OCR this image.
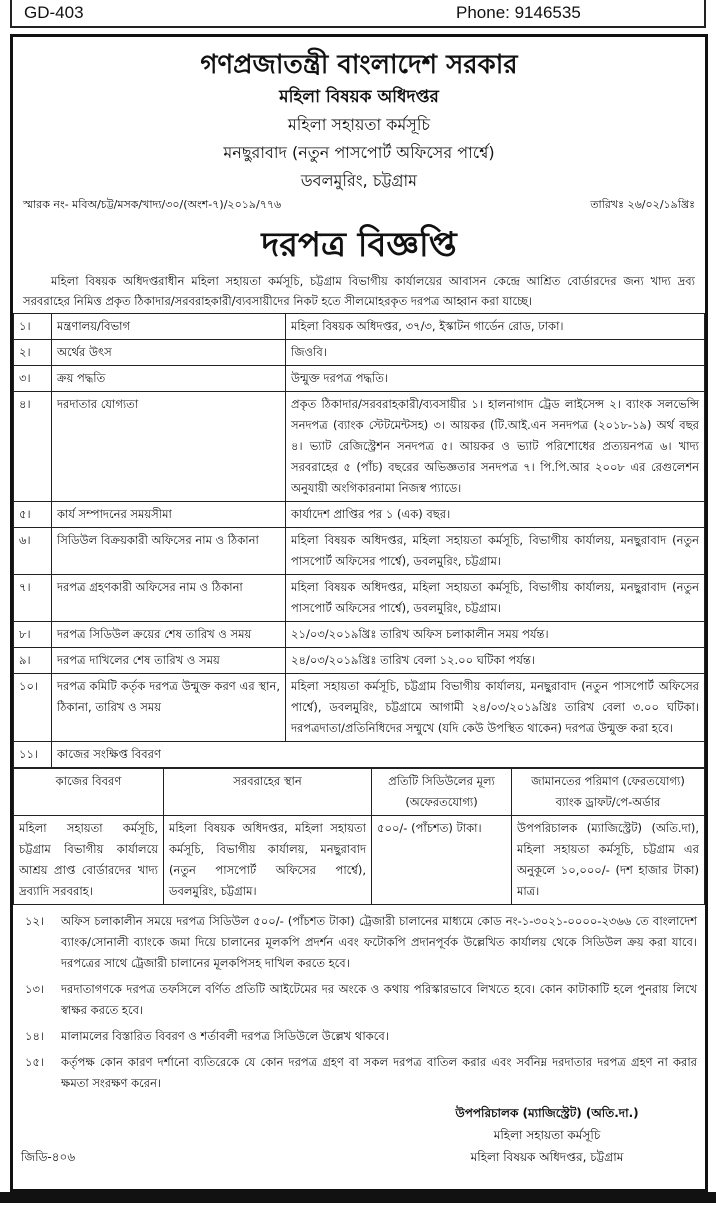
GD-403	Phone: 9146535
গণপ্রজাতন্ত্রী বাংলাদেশ সরকার
মহিলা বিষয়ক অধিদপ্তর
মহিলা সহায়তা কর্মসূচি
মনছুরাবাদ (নতুন পাসপোর্ট অফিসের পার্শ্বে)
ডবলমুরিং, চট্টগ্রাম
স্মারক নং- মবিঅ/চট্ট/মসক/খাদ্য/৩০/(অংশ-৭)/২০১৯/৭৭৬	তারিখঃ ২৬/০২/১৯খ্রিঃ
দরপত্র বিজ্ঞপ্তি
মহিলা বিষয়ক অধিদপ্তরাধীন মহিলা সহায়তা কর্মসূচি, চট্টগ্রাম বিভাগীয় কার্যালয়ের আবাসন কেন্দ্রে আশ্রিত বোর্ডারদের জন্য খাদ্য দ্রব্য সরবরাহের নিমিত্ত প্রকৃত ঠিকাদার/সরবরাহকারী/ব্যবসায়ীদের নিকট হতে সীলমোহরকৃত দরপত্র আহ্বান করা যাচ্ছে।
১।	মন্ত্রণালয়/বিভাগ	মহিলা বিষয়ক অধিদপ্তর, ৩৭/৩, ইস্কাটন গার্ডেন রোড, ঢাকা।
২।	অর্থের উৎস	জিওবি।
৩।	ক্রয় পদ্ধতি	উন্মুক্ত দরপত্র পদ্ধতি।
৪।	দরদাতার যোগ্যতা	প্রকৃত ঠিকাদার/সরবরাহকারী/ব্যবসায়ীর ১। হালনাগাদ ট্রেড লাইসেন্স ২। ব্যাংক সলভেন্সি সনদপত্র (ব্যাংক স্টেটমেন্টসহ) ৩। আয়কর (টি.আই.এন সনদপত্র (২০১৮-১৯) অর্থ বছর ৪। ভ্যাট রেজিস্ট্রেশন সনদপত্র ৫। আয়কর ও ভ্যাট পরিশোধের প্রত্যয়নপত্র ৬। খাদ্য সরবরাহের ৫ (পাঁচ) বছরের অভিজ্ঞতার সনদপত্র ৭। পি.পি.আর ২০০৮ এর রেগুলেশন অনুযায়ী অংগিকারনামা নিজস্ব প্যাডে।
৫।	কার্য সম্পাদনের সময়সীমা	কার্যাদেশ প্রাপ্তির পর ১ (এক) বছর।
৬।	সিডিউল বিক্রয়কারী অফিসের নাম ও ঠিকানা	মহিলা বিষয়ক অধিদপ্তর, মহিলা সহায়তা কর্মসূচি, বিভাগীয় কার্যালয়, মনছুরাবাদ (নতুন পাসপোর্ট অফিসের পার্শ্বে), ডবলমুরিং, চট্টগ্রাম।
৭।	দরপত্র গ্রহণকারী অফিসের নাম ও ঠিকানা	মহিলা বিষয়ক অধিদপ্তর, মহিলা সহায়তা কর্মসূচি, বিভাগীয় কার্যালয়, মনছুরাবাদ (নতুন পাসপোর্ট অফিসের পার্শ্বে), ডবলমুরিং, চট্টগ্রাম।
৮।	দরপত্র সিডিউল ক্রয়ের শেষ তারিখ ও সময়	২১/০৩/২০১৯খ্রিঃ তারিখ অফিস চলাকালীন সময় পর্যন্ত।
৯।	দরপত্র দাখিলের শেষ তারিখ ও সময়	২৪/০৩/২০১৯খ্রিঃ তারিখ বেলা ১২.০০ ঘটিকা পর্যন্ত।
১০।	দরপত্র কমিটি কর্তৃক দরপত্র উন্মুক্ত করণ এর স্থান, ঠিকানা, তারিখ ও সময়	মহিলা সহায়তা কর্মসূচি, চট্টগ্রাম বিভাগীয় কার্যালয়, মনছুরাবাদ (নতুন পাসপোর্ট অফিসের পার্শ্বে), ডবলমুরিং, চট্টগ্রামে আগামী ২৪/০৩/২০১৯খ্রিঃ তারিখ বেলা ৩.০০ ঘটিকা। দরপত্রদাতা/প্রতিনিধিদের সম্মুখে (যদি কেউ উপস্থিত থাকেন) দরপত্র উন্মুক্ত করা হবে।
১১।	কাজের সংক্ষিপ্ত বিবরণ	
কাজের বিবরণ	সরবরাহের স্থান	প্রতিটি সিডিউলের মূল্য (অফেরতযোগ্য)	জামানতের পরিমাণ (ফেরতযোগ্য) ব্যাংক ড্রাফট/পে-অর্ডার
মহিলা সহায়তা কর্মসূচি, চট্টগ্রাম বিভাগীয় কার্যালয়ে আশ্রয় প্রাপ্ত বোর্ডারদের খাদ্য দ্রব্যাদি সরবরাহ।	মহিলা বিষয়ক অধিদপ্তর, মহিলা সহায়তা কর্মসূচি, বিভাগীয় কার্যালয়, মনছুরাবাদ (নতুন পাসপোর্ট অফিসের পার্শ্বে), ডবলমুরিং, চট্টগ্রাম।	৫০০/- (পাঁচশত) টাকা।	উপপরিচালক (ম্যাজিস্ট্রেট) (অতি.দা), মহিলা সহায়তা কর্মসূচি, চট্টগ্রাম এর অনুকূলে ১০,০০০/- (দশ হাজার টাকা) মাত্র।
১২।	অফিস চলাকালীন সময়ে দরপত্র সিডিউল ৫০০/- (পাঁচশত টাকা) ট্রেজারী চালানের মাধ্যমে কোড নং-১-৩০২১-০০০০-২৩৬৬ তে বাংলাদেশ ব্যাংক/সোনালী ব্যাংকে জমা দিয়ে চালানের মূলকপি প্রদর্শন এবং ফটোকপি প্রদানপূর্বক উল্লেখিত কার্যালয় থেকে সিডিউল ক্রয় করা যাবে। দরপত্রের সাথে ট্রেজারী চালানের মূলকপিসহ দাখিল করতে হবে।
১৩।	দরদাতাগণকে দরপত্র তফসিলে বর্ণিত প্রতিটি আইটেমের দর অংকে ও কথায় পরিস্কারভাবে লিখতে হবে। কোন কাটাকাটি হলে পুনরায় লিখে স্বাক্ষর করতে হবে।
১৪।	মালামলের বিস্তারিত বিবরণ ও শর্তাবলী দরপত্র সিডিউলে উল্লেখ থাকবে।
১৫।	কর্তৃপক্ষ কোন কারণ দর্শানো ব্যতিরেকে যে কোন দরপত্র গ্রহণ বা সকল দরপত্র বাতিল করার এবং সর্বনিম্ন দরদাতার দরপত্র গ্রহণ না করার ক্ষমতা সংরক্ষণ করেন।
জিডি-৪০৬
উপপরিচালক (ম্যাজিস্ট্রেট) (অতি.দা.)
মহিলা সহায়তা কর্মসূচি
মহিলা বিষয়ক অধিদপ্তর, চট্টগ্রাম
